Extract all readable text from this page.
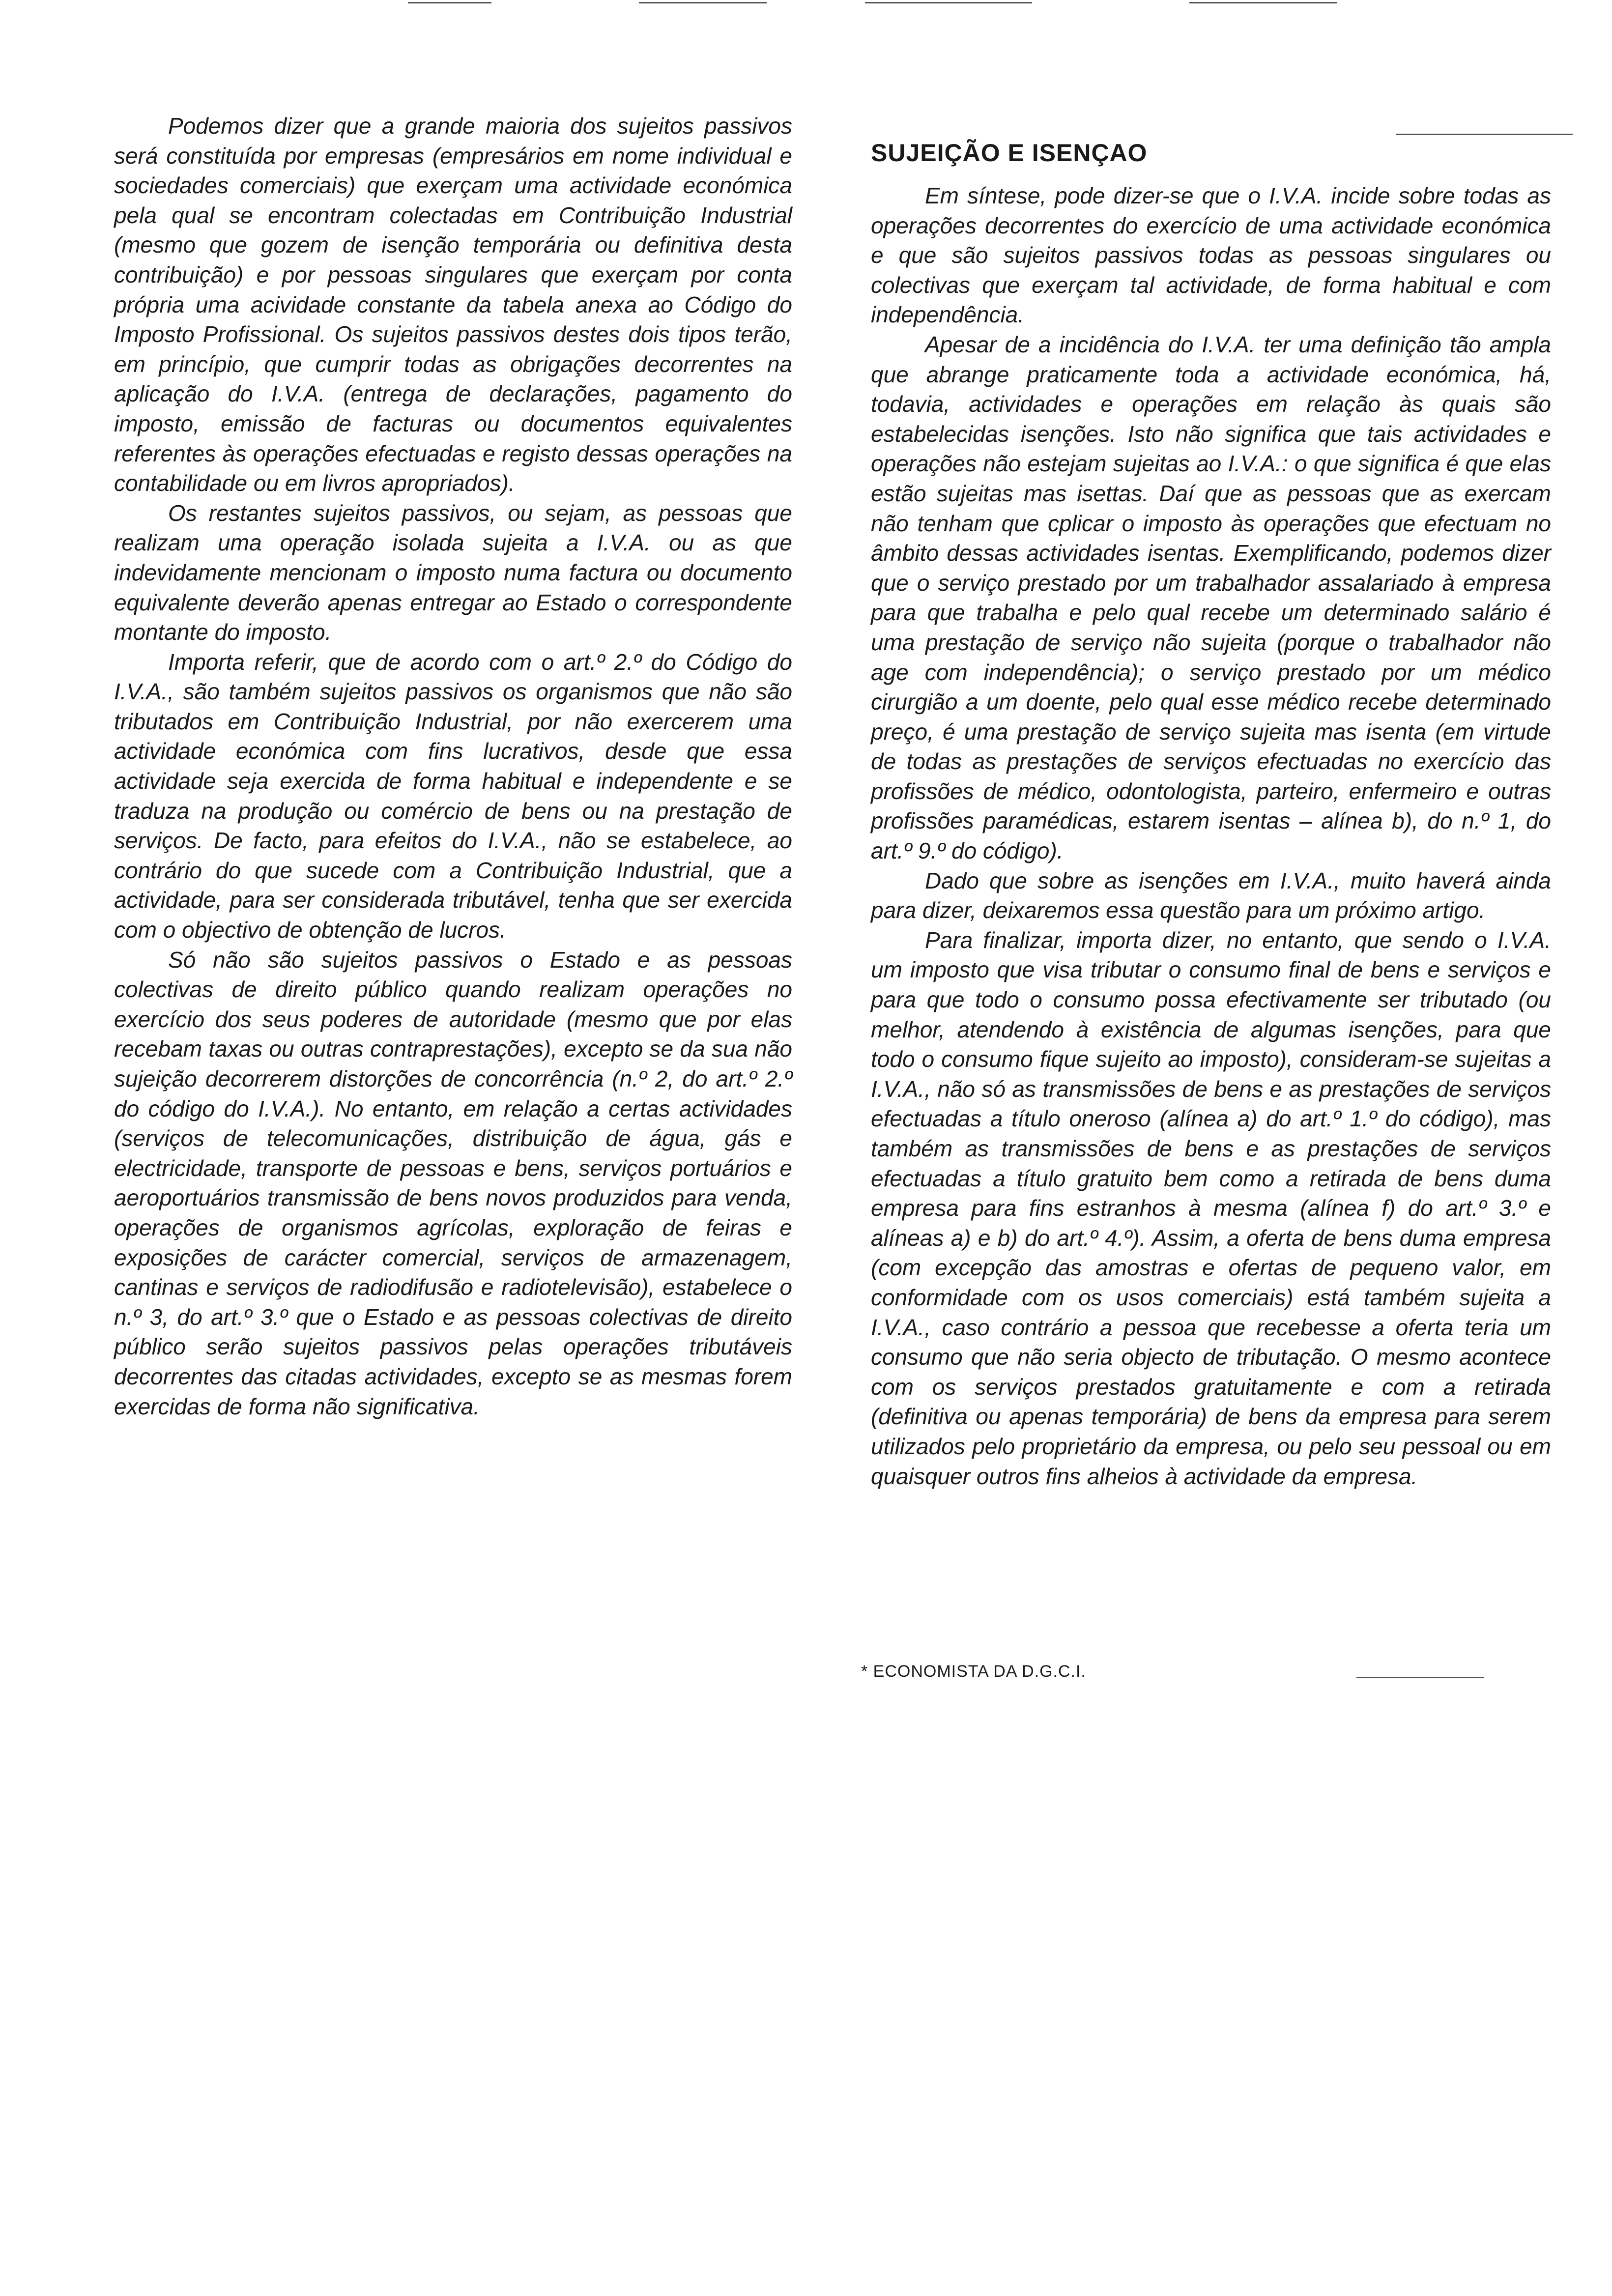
Podemos dizer que a grande maioria dos sujeitos passivos será constituída por empresas (empresários em nome individual e sociedades comerciais) que exerçam uma actividade económica pela qual se encontram colectadas em Contribuição Industrial (mesmo que gozem de isenção temporária ou definitiva desta contribuição) e por pessoas singulares que exerçam por conta própria uma acividade constante da tabela anexa ao Código do Imposto Profissional. Os sujeitos passivos destes dois tipos terão, em princípio, que cumprir todas as obrigações decorrentes na aplicação do I.V.A. (entrega de declarações, pagamento do imposto, emissão de facturas ou documentos equivalentes referentes às operações efectuadas e registo dessas operações na contabilidade ou em livros apropriados).

Os restantes sujeitos passivos, ou sejam, as pessoas que realizam uma operação isolada sujeita a I.V.A. ou as que indevidamente mencionam o imposto numa factura ou documento equivalente deverão apenas entregar ao Estado o correspondente montante do imposto.

Importa referir, que de acordo com o art.º 2.º do Código do I.V.A., são também sujeitos passivos os organismos que não são tributados em Contribuição Industrial, por não exercerem uma actividade económica com fins lucrativos, desde que essa actividade seja exercida de forma habitual e independente e se traduza na produção ou comércio de bens ou na prestação de serviços. De facto, para efeitos do I.V.A., não se estabelece, ao contrário do que sucede com a Contribuição Industrial, que a actividade, para ser considerada tributável, tenha que ser exercida com o objectivo de obtenção de lucros.

Só não são sujeitos passivos o Estado e as pessoas colectivas de direito público quando realizam operações no exercício dos seus poderes de autoridade (mesmo que por elas recebam taxas ou outras contraprestações), excepto se da sua não sujeição decorrerem distorções de concorrência (n.º 2, do art.º 2.º do código do I.V.A.). No entanto, em relação a certas actividades (serviços de telecomunicações, distribuição de água, gás e electricidade, transporte de pessoas e bens, serviços portuários e aeroportuários transmissão de bens novos produzidos para venda, operações de organismos agrícolas, exploração de feiras e exposições de carácter comercial, serviços de armazenagem, cantinas e serviços de radiodifusão e radiotelevisão), estabelece o n.º 3, do art.º 3.º que o Estado e as pessoas colectivas de direito público serão sujeitos passivos pelas operações tributáveis decorrentes das citadas actividades, excepto se as mesmas forem exercidas de forma não significativa.

SUJEIÇÃO E ISENÇAO

Em síntese, pode dizer-se que o I.V.A. incide sobre todas as operações decorrentes do exercício de uma actividade económica e que são sujeitos passivos todas as pessoas singulares ou colectivas que exerçam tal actividade, de forma habitual e com independência.

Apesar de a incidência do I.V.A. ter uma definição tão ampla que abrange praticamente toda a actividade económica, há, todavia, actividades e operações em relação às quais são estabelecidas isenções. Isto não significa que tais actividades e operações não estejam sujeitas ao I.V.A.: o que significa é que elas estão sujeitas mas isettas. Daí que as pessoas que as exercam não tenham que cplicar o imposto às operações que efectuam no âmbito dessas actividades isentas. Exemplificando, podemos dizer que o serviço prestado por um trabalhador assalariado à empresa para que trabalha e pelo qual recebe um determinado salário é uma prestação de serviço não sujeita (porque o trabalhador não age com independência); o serviço prestado por um médico cirurgião a um doente, pelo qual esse médico recebe determinado preço, é uma prestação de serviço sujeita mas isenta (em virtude de todas as prestações de serviços efectuadas no exercício das profissões de médico, odontologista, parteiro, enfermeiro e outras profissões paramédicas, estarem isentas – alínea b), do n.º 1, do art.º 9.º do código).

Dado que sobre as isenções em I.V.A., muito haverá ainda para dizer, deixaremos essa questão para um próximo artigo.

Para finalizar, importa dizer, no entanto, que sendo o I.V.A. um imposto que visa tributar o consumo final de bens e serviços e para que todo o consumo possa efectivamente ser tributado (ou melhor, atendendo à existência de algumas isenções, para que todo o consumo fique sujeito ao imposto), consideram-se sujeitas a I.V.A., não só as transmissões de bens e as prestações de serviços efectuadas a título oneroso (alínea a) do art.º 1.º do código), mas também as transmissões de bens e as prestações de serviços efectuadas a título gratuito bem como a retirada de bens duma empresa para fins estranhos à mesma (alínea f) do art.º 3.º e alíneas a) e b) do art.º 4.º). Assim, a oferta de bens duma empresa (com excepção das amostras e ofertas de pequeno valor, em conformidade com os usos comerciais) está também sujeita a I.V.A., caso contrário a pessoa que recebesse a oferta teria um consumo que não seria objecto de tributação. O mesmo acontece com os serviços prestados gratuitamente e com a retirada (definitiva ou apenas temporária) de bens da empresa para serem utilizados pelo proprietário da empresa, ou pelo seu pessoal ou em quaisquer outros fins alheios à actividade da empresa.

* ECONOMISTA DA D.G.C.I.
